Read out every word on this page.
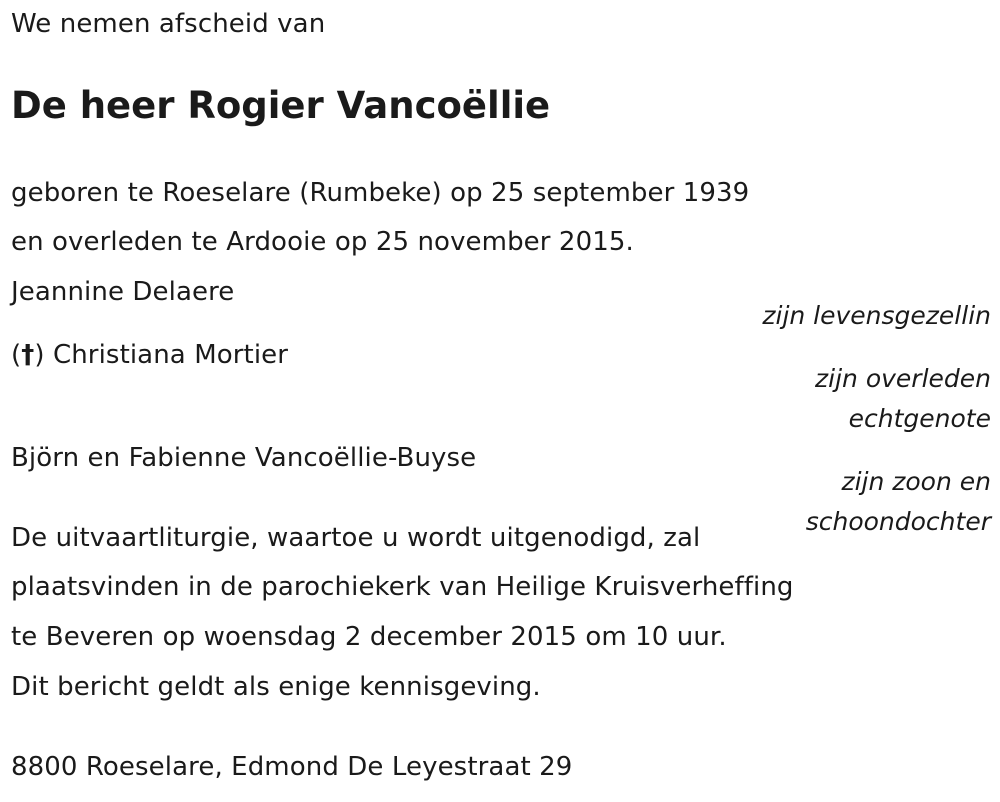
We nemen afscheid van
De heer Rogier Vancoëllie
geboren te Roeselare (Rumbeke) op 25 september 1939
en overleden te Ardooie op 25 november 2015.
Jeannine Delaere
zijn levensgezellin
(†) Christiana Mortier
zijn overleden
echtgenote
Björn en Fabienne Vancoëllie-Buyse
zijn zoon en
schoondochter
De uitvaartliturgie, waartoe u wordt uitgenodigd, zal
plaatsvinden in de parochiekerk van Heilige Kruisverheffing
te Beveren op woensdag 2 december 2015 om 10 uur.
Dit bericht geldt als enige kennisgeving.
8800 Roeselare, Edmond De Leyestraat 29
